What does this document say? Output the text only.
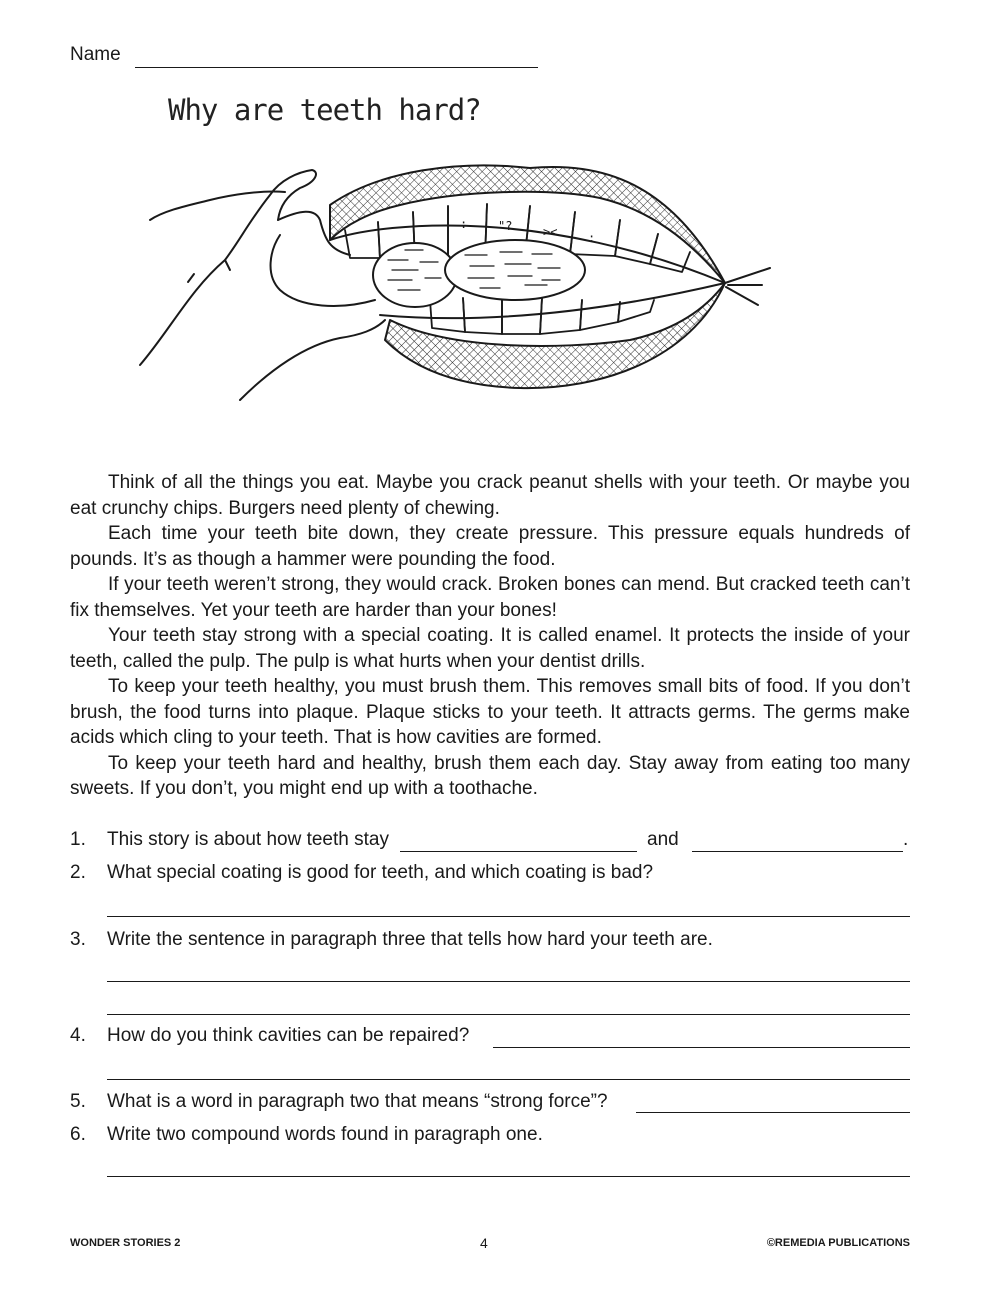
Name
Why are teeth hard?
:	"?	><	:

Think of all the things you eat. Maybe you crack peanut shells with your teeth. Or maybe you eat crunchy chips. Burgers need plenty of chewing.

Each time your teeth bite down, they create pressure. This pressure equals hundreds of pounds. It’s as though a hammer were pounding the food.

If your teeth weren’t strong, they would crack. Broken bones can mend. But cracked teeth can’t fix themselves. Yet your teeth are harder than your bones!

Your teeth stay strong with a special coating. It is called enamel. It protects the inside of your teeth, called the pulp. The pulp is what hurts when your dentist drills.

To keep your teeth healthy, you must brush them. This removes small bits of food. If you don’t brush, the food turns into plaque. Plaque sticks to your teeth. It attracts germs. The germs make acids which cling to your teeth. That is how cavities are formed.

To keep your teeth hard and healthy, brush them each day. Stay away from eating too many sweets. If you don’t, you might end up with a toothache.

1. This story is about how teeth stay	and	.
2. What special coating is good for teeth, and which coating is bad?
3. Write the sentence in paragraph three that tells how hard your teeth are.
4. How do you think cavities can be repaired?
5. What is a word in paragraph two that means “strong force”?
6. Write two compound words found in paragraph one.
WONDER STORIES 2	4	©REMEDIA PUBLICATIONS
